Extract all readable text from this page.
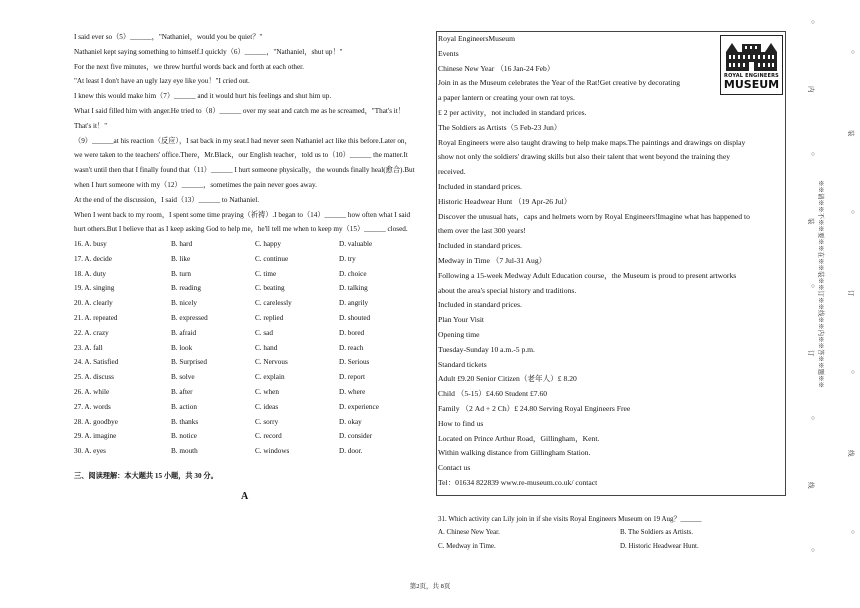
I said ever so（5）______，"Nathaniel，would you be quiet？"
Nathaniel kept saying something to himself.I quickly（6）______，"Nathaniel，shut up！"
For the next five minutes，we threw hurtful words back and forth at each other.
"At least I don't have an ugly lazy eye like you！"I cried out.
I knew this would make him（7）______ and it would hurt his feelings and shut him up.
What I said filled him with anger.He tried to（8）______ over my seat and catch me as he screamed，"That's it！
That's it！"
（9）______at his reaction（反应），I sat back in my seat.I had never seen Nathaniel act like this before.Later on，
we were taken to the teachers' office.There，Mr.Black，our English teacher，told us to（10）______ the matter.It
wasn't until then that I finally found that（11）______ I hurt someone physically，the wounds finally heal(愈合).But
when I hurt someone with my（12）______，sometimes the pain never goes away.
At the end of the discussion，I said（13）______ to Nathaniel.
When I went back to my room，I spent some time praying（祈祷）.I began to（14）______ how often what I said
hurt others.But I believe that as I keep asking God to help me，he'll tell me when to keep my（15）______ closed.
16. A. busy	B. hard	C. happy	D. valuable
17. A. decide	B. like	C. continue	D. try
18. A. duty	B. turn	C. time	D. choice
19. A. singing	B. reading	C. beating	D. talking
20. A. clearly	B. nicely	C. carelessly	D. angrily
21. A. repeated	B. expressed	C. replied	D. shouted
22. A. crazy	B. afraid	C. sad	D. bored
23. A. fall	B. look	C. hand	D. reach
24. A. Satisfied	B. Surprised	C. Nervous	D. Serious
25. A. discuss	B. solve	C. explain	D. report
26. A. while	B. after	C. when	D. where
27. A. words	B. action	C. ideas	D. experience
28. A. goodbye	B. thanks	C. sorry	D. okay
29. A. imagine	B. notice	C. record	D. consider
30. A. eyes	B. mouth	C. windows	D. door.
三、阅读理解：本大题共 15 小题，共 30 分。
A
Royal EngineersMuseum
Events
Chinese New Year （16 Jan-24 Feb）
Join in as the Museum celebrates the Year of the Rat!Get creative by decorating
a paper lantern or creating your own rat toys.
£ 2 per activity，not included in standard prices.
The Soldiers as Artists（5 Feb-23 Jun）
Royal Engineers were also taught drawing to help make maps.The paintings and drawings on display
show not only the soldiers' drawing skills but also their talent that went beyond the training they
received.
Included in standard prices.
Historic Headwear Hunt （19 Apr-26 Jul）
Discover the unusual hats，caps and helmets worn by Royal Engineers!Imagine what has happened to
them over the last 300 years!
Included in standard prices.
Medway in Time （7 Jul-31 Aug）
Following a 15-week Medway Adult Education course，the Museum is proud to present artworks
about the area's special history and traditions.
Included in standard prices.
Plan Your Visit
Opening time
Tuesday-Sunday 10 a.m.-5 p.m.
Standard tickets
Adult £9.20 Senior Citizen（老年人）£ 8.20
Child （5-15）£4.60 Student £7.60
Family （2 Ad + 2 Ch）£ 24.80 Serving Royal Engineers Free
How to find us
Located on Prince Arthur Road，Gillingham，Kent.
Within walking distance from Gillingham Station.
Contact us
Tel：01634 822839 www.re-museum.co.uk/ contact
ROYAL ENGINEERS
MUSEUM
31. Which activity can Lily join in if she visits Royal Engineers Museum on 19 Aug？______
A. Chinese New Year.	B. The Soldiers as Artists.
C. Medway in Time.	D. Historic Headwear Hunt.
第2页，共 8页
※※请※※不※※要※※在※※装※※订※※线※※内※※答※※题※※
○
内
○
装
○
订
○
线
○
○
装
○
订
○
线
○
